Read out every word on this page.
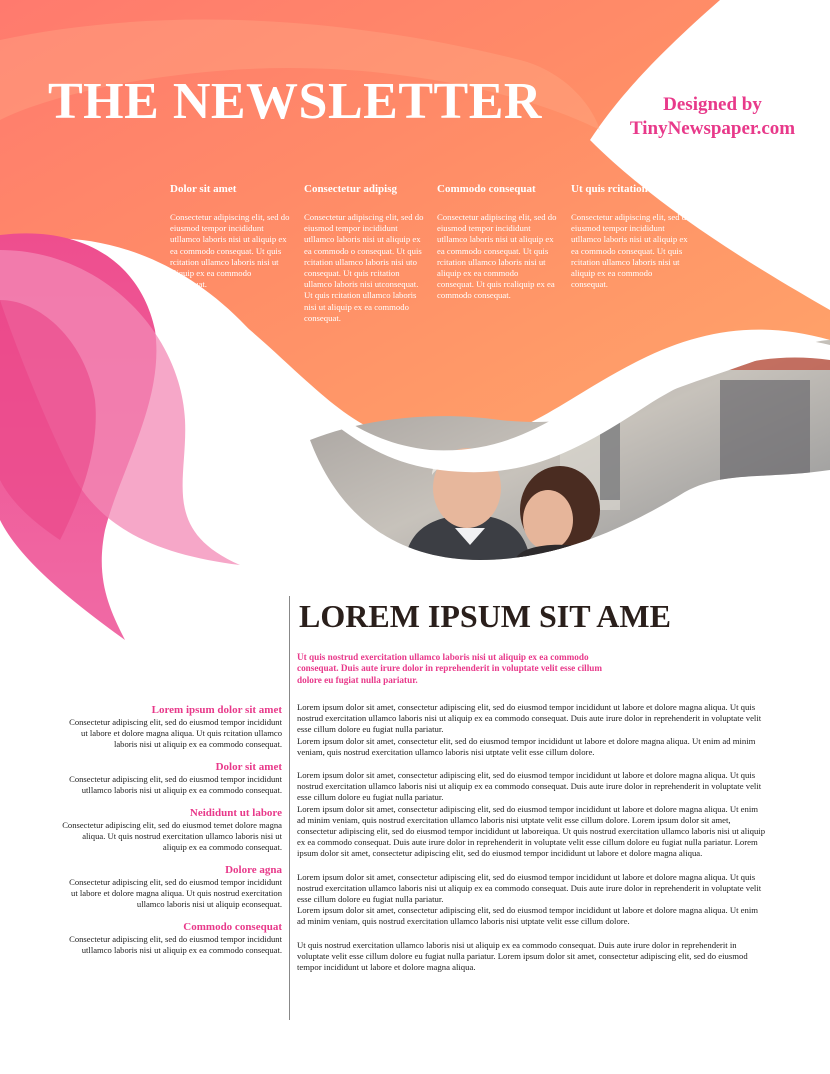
THE NEWSLETTER	Designed by
TinyNewspaper.com
Dolor sit amet

Consectetur adipiscing elit, sed do eiusmod tempor incididunt utllamco laboris nisi ut aliquip ex ea commodo consequat. Ut quis rcitation ullamco laboris nisi ut aliquip ex ea commodo consequat.

Consectetur adipisg

Consectetur adipiscing elit, sed do eiusmod tempor incididunt utllamco laboris nisi ut aliquip ex ea commodo o consequat. Ut quis rcitation ullamco laboris nisi uto consequat. Ut quis rcitation ullamco laboris nisi utconsequat. Ut quis rcitation ullamco laboris nisi ut aliquip ex ea commodo consequat.

Commodo consequat

Consectetur adipiscing elit, sed do eiusmod tempor incididunt utllamco laboris nisi ut aliquip ex ea commodo consequat. Ut quis rcitation ullamco laboris nisi ut aliquip ex ea commodo consequat. Ut quis rcaliquip ex ea commodo consequat.

Ut quis rcitation

Consectetur adipiscing elit, sed do eiusmod tempor incididunt utllamco laboris nisi ut aliquip ex ea commodo consequat. Ut quis rcitation ullamco laboris nisi ut aliquip ex ea commodo consequat.

LOREM IPSUM SIT AME

Ut quis nostrud exercitation ullamco laboris nisi ut aliquip ex ea commodo consequat. Duis aute irure dolor in reprehenderit in voluptate velit esse cillum dolore eu fugiat nulla pariatur.

Lorem ipsum dolor sit amet

Consectetur adipiscing elit, sed do eiusmod tempor incididunt ut labore et dolore magna aliqua. Ut quis rcitation ullamco laboris nisi ut aliquip ex ea commodo consequat.

Dolor sit amet

Consectetur adipiscing elit, sed do eiusmod tempor incididunt utllamco laboris nisi ut aliquip ex ea commodo consequat.

Neididunt ut labore

Consectetur adipiscing elit, sed do eiusmod temet dolore magna aliqua. Ut quis nostrud exercitation ullamco laboris nisi ut aliquip ex ea commodo consequat.

Dolore agna

Consectetur adipiscing elit, sed do eiusmod tempor incididunt ut labore et dolore magna aliqua. Ut quis nostrud exercitation ullamco laboris nisi ut aliquip econsequat.

Commodo consequat

Consectetur adipiscing elit, sed do eiusmod tempor incididunt utllamco laboris nisi ut aliquip ex ea commodo consequat.

Lorem ipsum dolor sit amet, consectetur adipiscing elit, sed do eiusmod tempor incididunt ut labore et dolore magna aliqua. Ut quis nostrud exercitation ullamco laboris nisi ut aliquip ex ea commodo consequat. Duis aute irure dolor in reprehenderit in voluptate velit esse cillum dolore eu fugiat nulla pariatur.
Lorem ipsum dolor sit amet, consectetur elit, sed do eiusmod tempor incididunt ut labore et dolore magna aliqua. Ut enim ad minim veniam, quis nostrud exercitation ullamco laboris nisi utptate velit esse cillum dolore.

Lorem ipsum dolor sit amet, consectetur adipiscing elit, sed do eiusmod tempor incididunt ut labore et dolore magna aliqua. Ut quis nostrud exercitation ullamco laboris nisi ut aliquip ex ea commodo consequat. Duis aute irure dolor in reprehenderit in voluptate velit esse cillum dolore eu fugiat nulla pariatur.
Lorem ipsum dolor sit amet, consectetur adipiscing elit, sed do eiusmod tempor incididunt ut labore et dolore magna aliqua. Ut enim ad minim veniam, quis nostrud exercitation ullamco laboris nisi utptate velit esse cillum dolore. Lorem ipsum dolor sit amet, consectetur adipiscing elit, sed do eiusmod tempor incididunt ut laboreiqua. Ut quis nostrud exercitation ullamco laboris nisi ut aliquip ex ea commodo consequat. Duis aute irure dolor in reprehenderit in voluptate velit esse cillum dolore eu fugiat nulla pariatur. Lorem ipsum dolor sit amet, consectetur adipiscing elit, sed do eiusmod tempor incididunt ut labore et dolore magna aliqua.

Lorem ipsum dolor sit amet, consectetur adipiscing elit, sed do eiusmod tempor incididunt ut labore et dolore magna aliqua. Ut quis nostrud exercitation ullamco laboris nisi ut aliquip ex ea commodo consequat. Duis aute irure dolor in reprehenderit in voluptate velit esse cillum dolore eu fugiat nulla pariatur.
Lorem ipsum dolor sit amet, consectetur adipiscing elit, sed do eiusmod tempor incididunt ut labore et dolore magna aliqua. Ut enim ad minim veniam, quis nostrud exercitation ullamco laboris nisi utptate velit esse cillum dolore.

Ut quis nostrud exercitation ullamco laboris nisi ut aliquip ex ea commodo consequat. Duis aute irure dolor in reprehenderit in voluptate velit esse cillum dolore eu fugiat nulla pariatur. Lorem ipsum dolor sit amet, consectetur adipiscing elit, sed do eiusmod tempor incididunt ut labore et dolore magna aliqua.
